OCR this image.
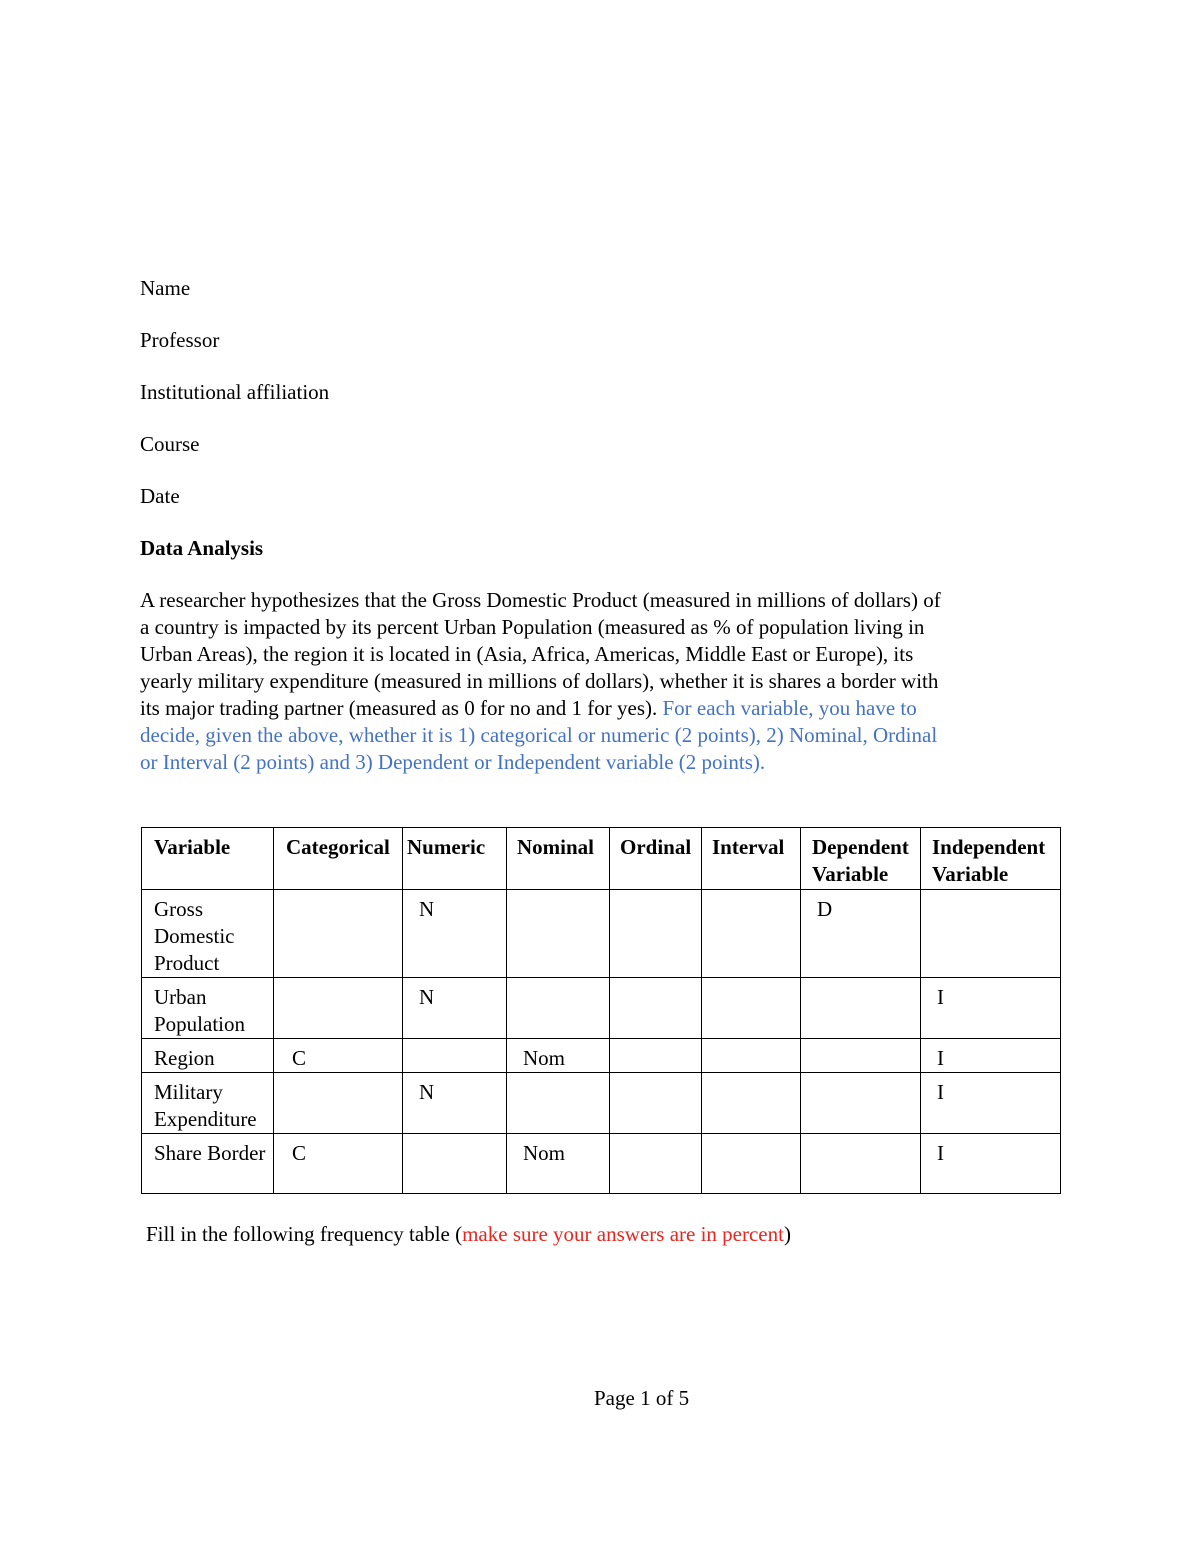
Name
Professor
Institutional affiliation
Course
Date
Data Analysis
A researcher hypothesizes that the Gross Domestic Product (measured in millions of dollars) of
a country is impacted by its percent Urban Population (measured as % of population living in
Urban Areas), the region it is located in (Asia, Africa, Americas, Middle East or Europe), its
yearly military expenditure (measured in millions of dollars), whether it is shares a border with
its major trading partner (measured as 0 for no and 1 for yes). For each variable, you have to
decide, given the above, whether it is 1) categorical or numeric (2 points), 2) Nominal, Ordinal
or Interval (2 points) and 3) Dependent or Independent variable (2 points).
Variable	Categorical	Numeric	Nominal	Ordinal	Interval	Dependent Variable	Independent Variable
Gross Domestic Product		N				D	
Urban Population		N					I
Region	C		Nom				I
Military Expenditure		N					I
Share Border	C		Nom				I
Fill in the following frequency table (make sure your answers are in percent)
Page 1 of 5
